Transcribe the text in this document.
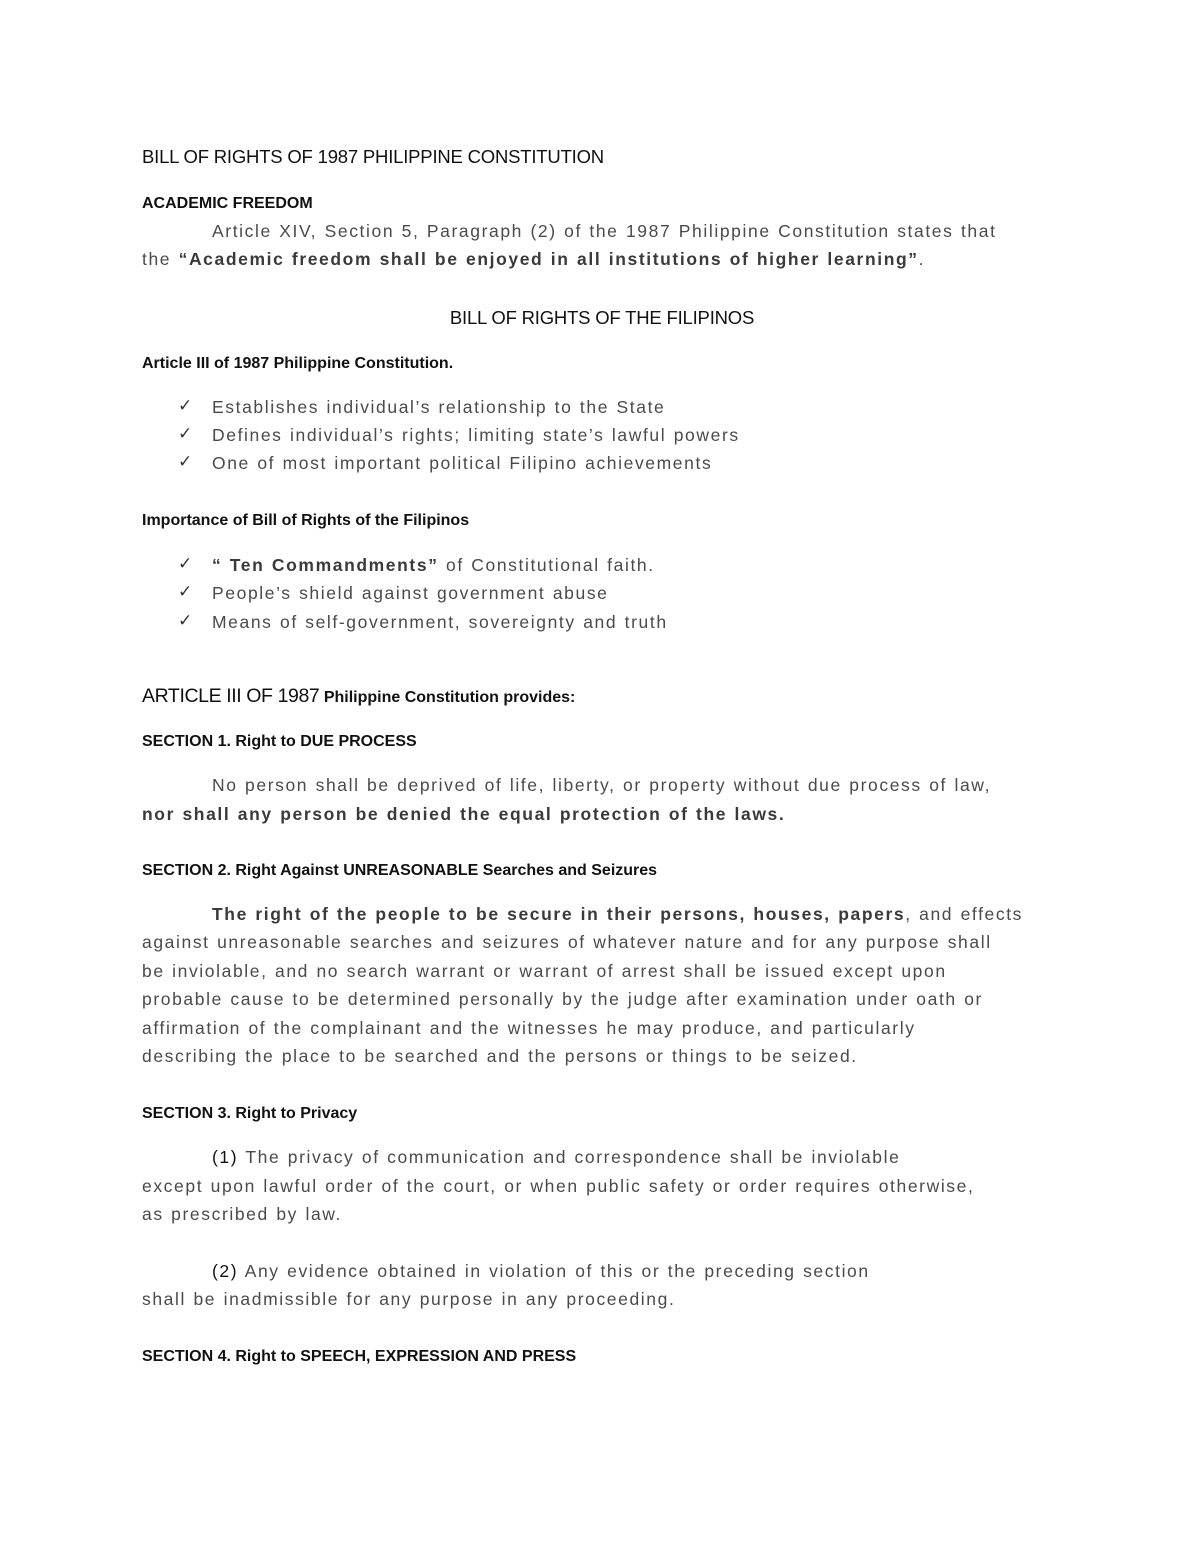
BILL OF RIGHTS OF 1987 PHILIPPINE CONSTITUTION
ACADEMIC FREEDOM
Article XIV, Section 5, Paragraph (2) of the 1987 Philippine Constitution states that
the “Academic freedom shall be enjoyed in all institutions of higher learning”.
BILL OF RIGHTS OF THE FILIPINOS
Article III of 1987 Philippine Constitution.
✓ Establishes individual’s relationship to the State
✓ Defines individual’s rights; limiting state’s lawful powers
✓ One of most important political Filipino achievements
Importance of Bill of Rights of the Filipinos
✓ “ Ten Commandments” of Constitutional faith.
✓ People’s shield against government abuse
✓ Means of self-government, sovereignty and truth
ARTICLE III OF 1987 Philippine Constitution provides:
SECTION 1. Right to DUE PROCESS
No person shall be deprived of life, liberty, or property without due process of law,
nor shall any person be denied the equal protection of the laws.
SECTION 2. Right Against UNREASONABLE Searches and Seizures
The right of the people to be secure in their persons, houses, papers, and effects
against unreasonable searches and seizures of whatever nature and for any purpose shall
be inviolable, and no search warrant or warrant of arrest shall be issued except upon
probable cause to be determined personally by the judge after examination under oath or
affirmation of the complainant and the witnesses he may produce, and particularly
describing the place to be searched and the persons or things to be seized.
SECTION 3. Right to Privacy
(1) The privacy of communication and correspondence shall be inviolable
except upon lawful order of the court, or when public safety or order requires otherwise,
as prescribed by law.
(2) Any evidence obtained in violation of this or the preceding section
shall be inadmissible for any purpose in any proceeding.
SECTION 4. Right to SPEECH, EXPRESSION AND PRESS
